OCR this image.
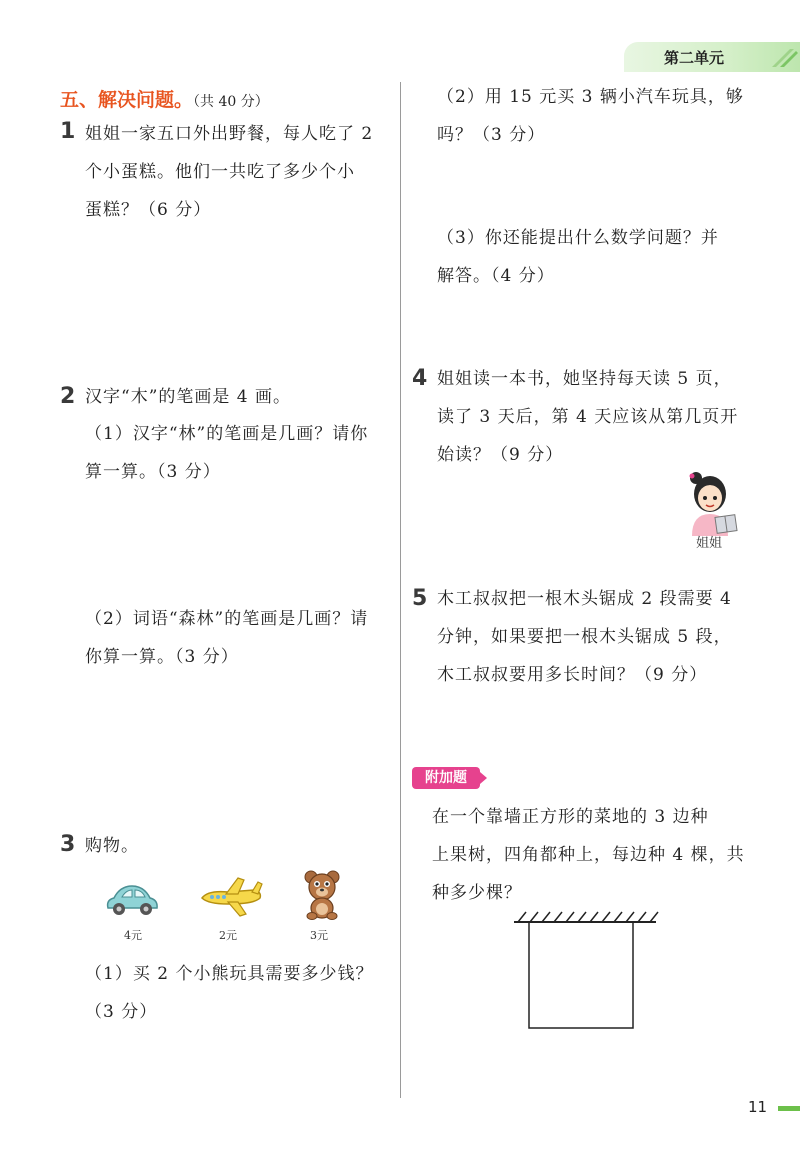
第二单元
五、解决问题。（共 40 分）
1 姐姐一家五口外出野餐，每人吃了 2
个小蛋糕。他们一共吃了多少个小
蛋糕？（6 分）
2 汉字“木”的笔画是 4 画。
（1）汉字“林”的笔画是几画？请你
算一算。（3 分）
（2）词语“森林”的笔画是几画？请
你算一算。（3 分）
3 购物。
4元	2元	3元
（1）买 2 个小熊玩具需要多少钱？
（3 分）
（2）用 15 元买 3 辆小汽车玩具，够
吗？（3 分）
（3）你还能提出什么数学问题？并
解答。（4 分）
4 姐姐读一本书，她坚持每天读 5 页，
读了 3 天后，第 4 天应该从第几页开
始读？（9 分）
姐姐
5 木工叔叔把一根木头锯成 2 段需要 4
分钟，如果要把一根木头锯成 5 段，
木工叔叔要用多长时间？（9 分）
附加题
在一个靠墙正方形的菜地的 3 边种
上果树，四角都种上，每边种 4 棵，共
种多少棵？
11
